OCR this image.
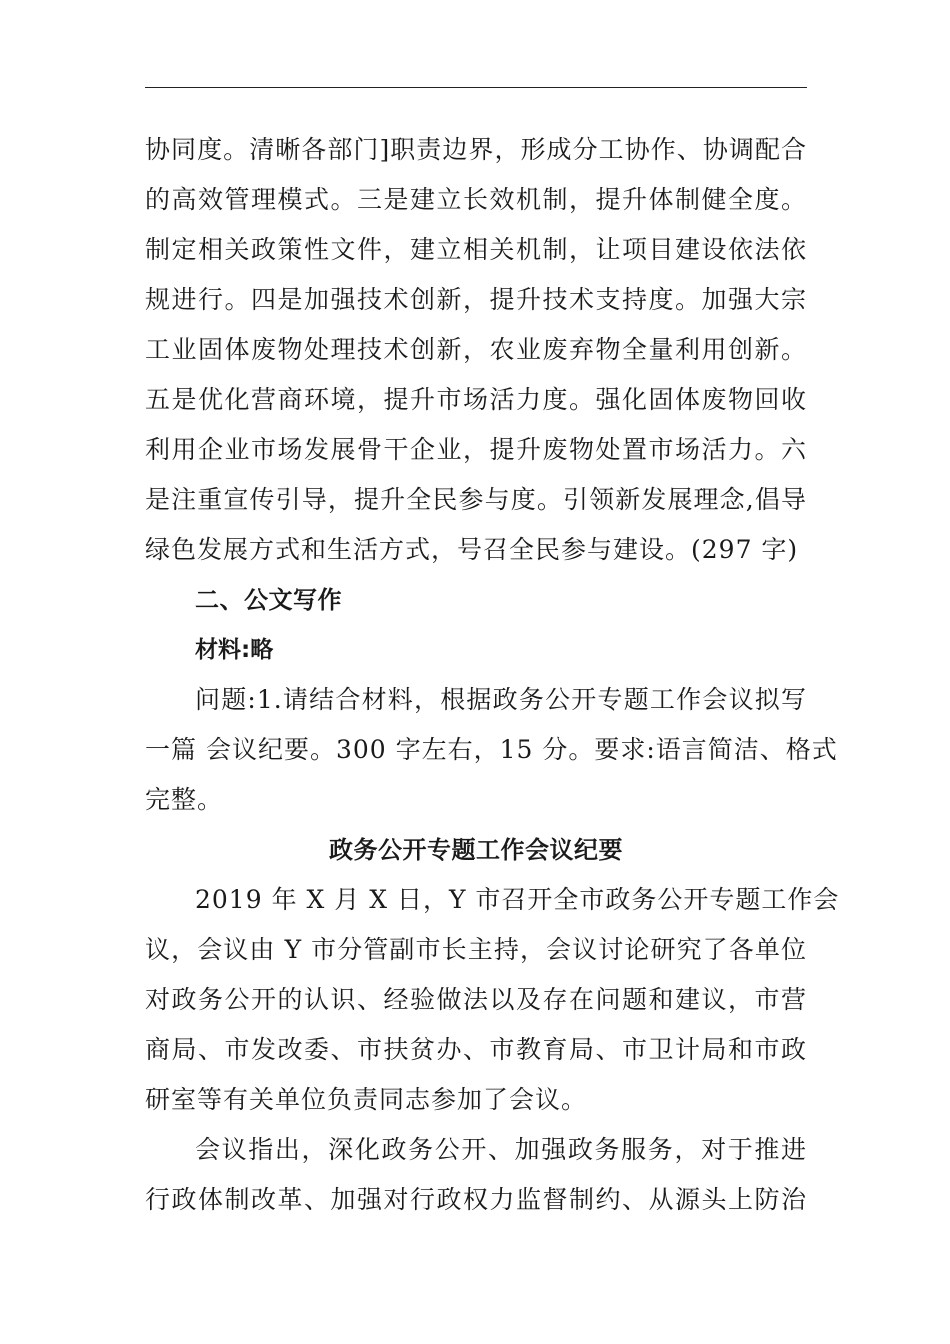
协同度。清晰各部门]职责边界，形成分工协作、协调配合
的高效管理模式。三是建立长效机制，提升体制健全度。
制定相关政策性文件，建立相关机制，让项目建设依法依
规进行。四是加强技术创新，提升技术支持度。加强大宗
工业固体废物处理技术创新，农业废弃物全量利用创新。
五是优化营商环境，提升市场活力度。强化固体废物回收
利用企业市场发展骨干企业，提升废物处置市场活力。六
是注重宣传引导，提升全民参与度。引领新发展理念,倡导
绿色发展方式和生活方式，号召全民参与建设。(297 字)
二、公文写作
材料:略
问题:1.请结合材料，根据政务公开专题工作会议拟写
一篇 会议纪要。300 字左右，15 分。要求:语言简洁、格式
完整。
政务公开专题工作会议纪要
2019 年 X 月 X 日，Y 市召开全市政务公开专题工作会
议，会议由 Y 市分管副市长主持，会议讨论研究了各单位
对政务公开的认识、经验做法以及存在问题和建议，市营
商局、市发改委、市扶贫办、市教育局、市卫计局和市政
研室等有关单位负责同志参加了会议。
会议指出，深化政务公开、加强政务服务，对于推进
行政体制改革、加强对行政权力监督制约、从源头上防治
